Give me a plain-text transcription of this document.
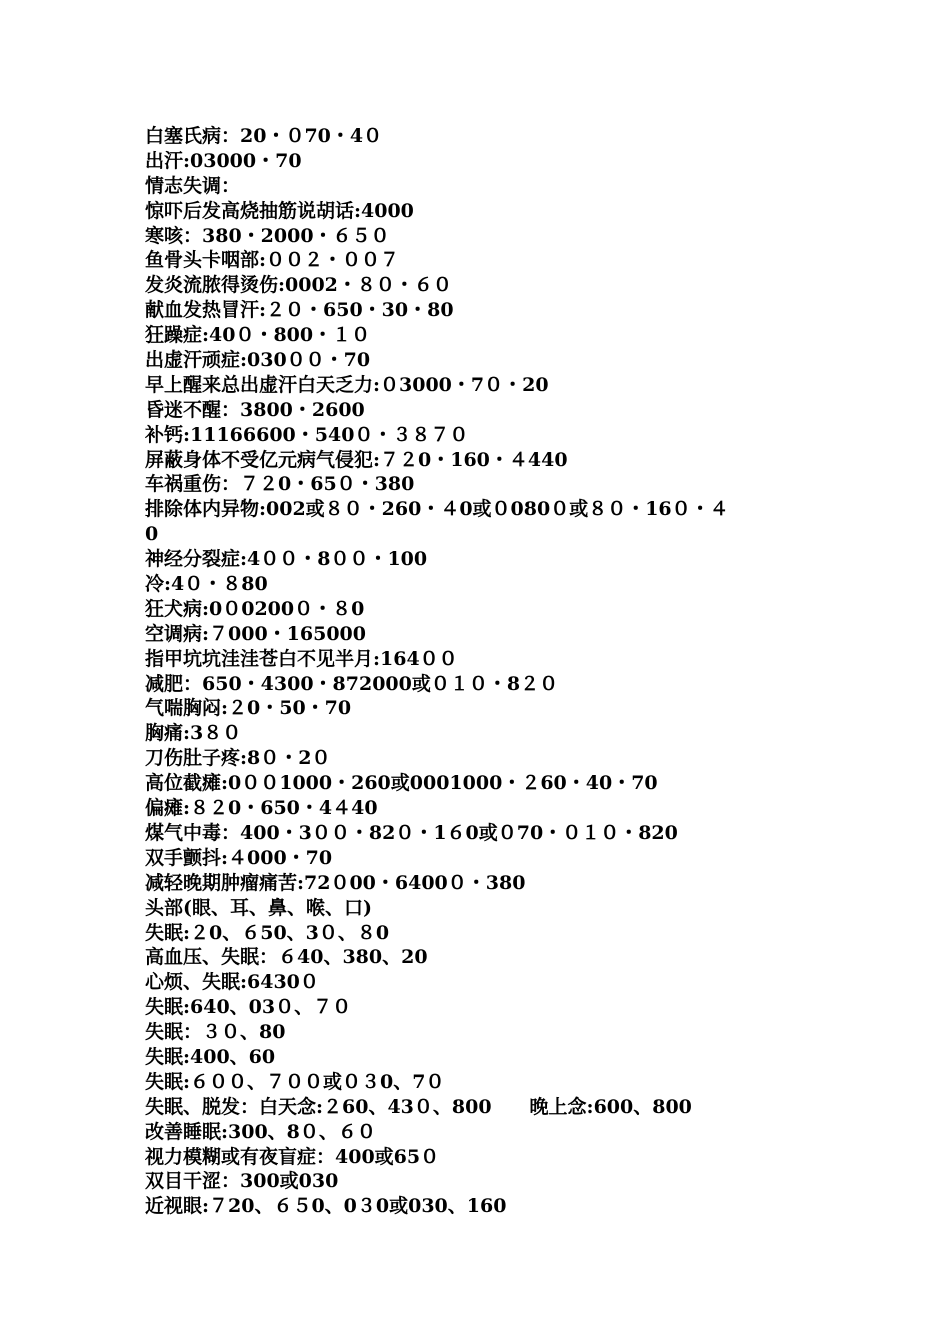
白塞氏病：20・０70・4０
出汗:03000・70
情志失调：
惊吓后发高烧抽筋说胡话:4000
寒咳：380・2000・６５０
鱼骨头卡咽部:００２・００７
发炎流脓得烫伤:0002・８０・６０
献血发热冒汗:２０・650・30・80
狂躁症:40０・800・１０
出虚汗顽症:030００・70
早上醒来总出虚汗白天乏力:０3000・7０・20
昏迷不醒：3800・2600
补钙:11166600・540０・３８７０
屏蔽身体不受亿元病气侵犯:７２0・160・４440
车祸重伤：７２0・65０・380
排除体内异物:002或８０・260・４0或０080０或８０・16０・４
0
神经分裂症:4００・8００・100
冷:4０・８80
狂犬病:0０0200０・８0
空调病:７000・165000
指甲坑坑洼洼苍白不见半月:164００
减肥：650・4300・872000或０１０・8２０
气喘胸闷:２0・50・70
胸痛:3８０
刀伤肚子疼:8０・2０
高位截瘫:0００1000・260或0001000・２60・40・70
偏瘫:８２0・650・4４40
煤气中毒：400・3００・82０・1６0或０70・０１０・820
双手颤抖:４000・70
减轻晚期肿瘤痛苦:72０00・6400０・380
头部(眼、耳、鼻、喉、口)
失眠:２0、６50、3０、８0
高血压、失眠：６40、380、20
心烦、失眠:6430０
失眠:640、03０、７０
失眠：３０、80
失眠:400、60
失眠:６００、７００或０３0、7０
失眠、脱发：白天念:２60、43０、800　　晚上念:600、800
改善睡眠:300、8０、６０
视力模糊或有夜盲症：400或65０
双目干涩：300或030
近视眼:７20、６５0、0３0或030、160
